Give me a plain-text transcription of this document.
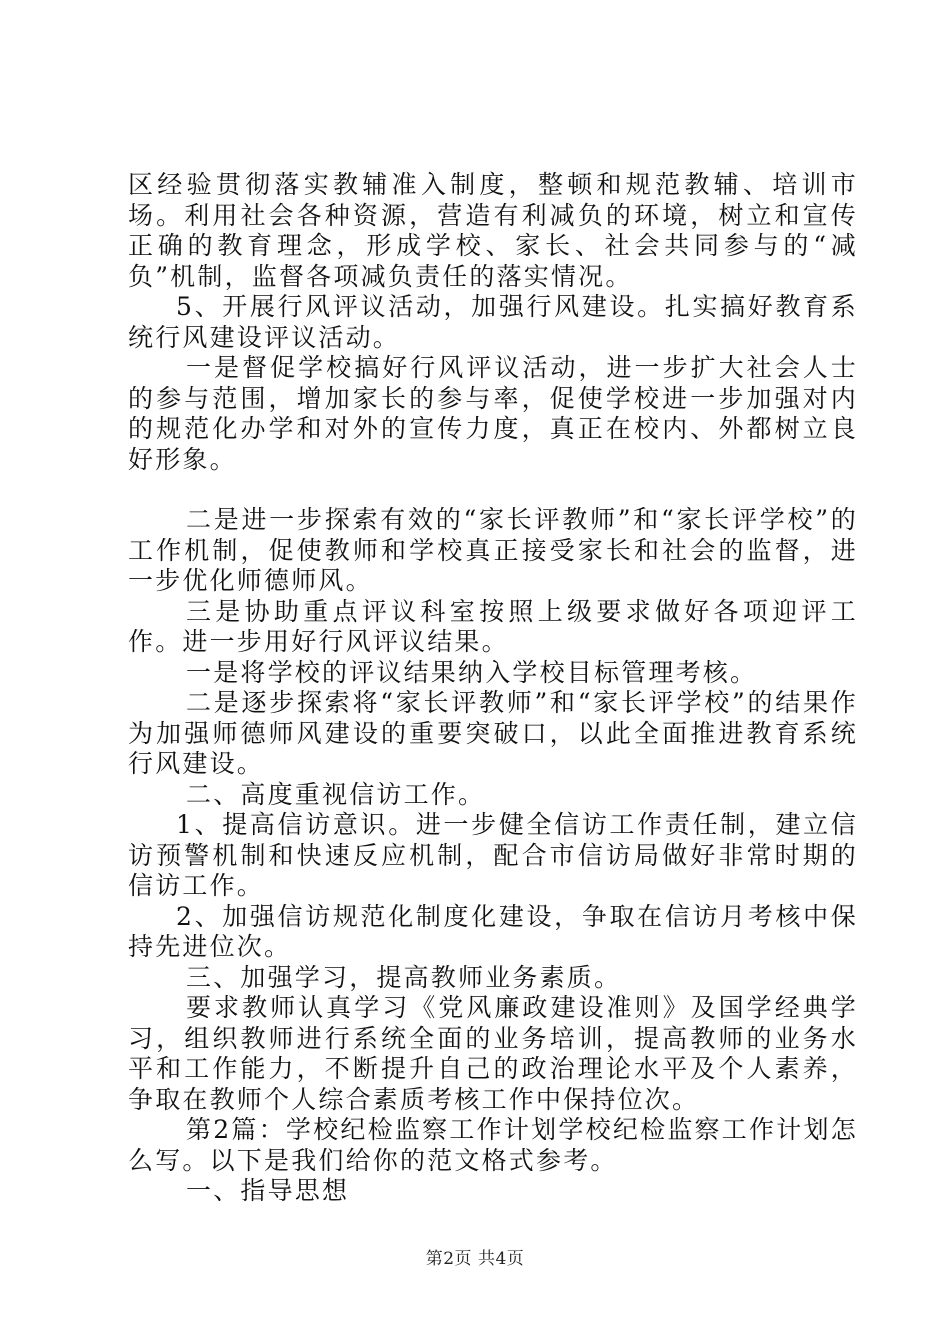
区经验贯彻落实教辅准入制度，整顿和规范教辅、培训市场。利用社会各种资源，营造有利减负的环境，树立和宣传正确的教育理念，形成学校、家长、社会共同参与的“减负”机制，监督各项减负责任的落实情况。

5、开展行风评议活动，加强行风建设。扎实搞好教育系统行风建设评议活动。

一是督促学校搞好行风评议活动，进一步扩大社会人士的参与范围，增加家长的参与率，促使学校进一步加强对内的规范化办学和对外的宣传力度，真正在校内、外都树立良好形象。

二是进一步探索有效的“家长评教师”和“家长评学校”的工作机制，促使教师和学校真正接受家长和社会的监督，进一步优化师德师风。

三是协助重点评议科室按照上级要求做好各项迎评工作。进一步用好行风评议结果。

一是将学校的评议结果纳入学校目标管理考核。

二是逐步探索将“家长评教师”和“家长评学校”的结果作为加强师德师风建设的重要突破口，以此全面推进教育系统行风建设。

二、高度重视信访工作。

1、提高信访意识。进一步健全信访工作责任制，建立信访预警机制和快速反应机制，配合市信访局做好非常时期的信访工作。

2、加强信访规范化制度化建设，争取在信访月考核中保持先进位次。

三、加强学习，提高教师业务素质。

要求教师认真学习《党风廉政建设准则》及国学经典学习，组织教师进行系统全面的业务培训，提高教师的业务水平和工作能力，不断提升自己的政治理论水平及个人素养，争取在教师个人综合素质考核工作中保持位次。

第2篇：学校纪检监察工作计划学校纪检监察工作计划怎么写。以下是我们给你的范文格式参考。

一、指导思想

第2页 共4页
